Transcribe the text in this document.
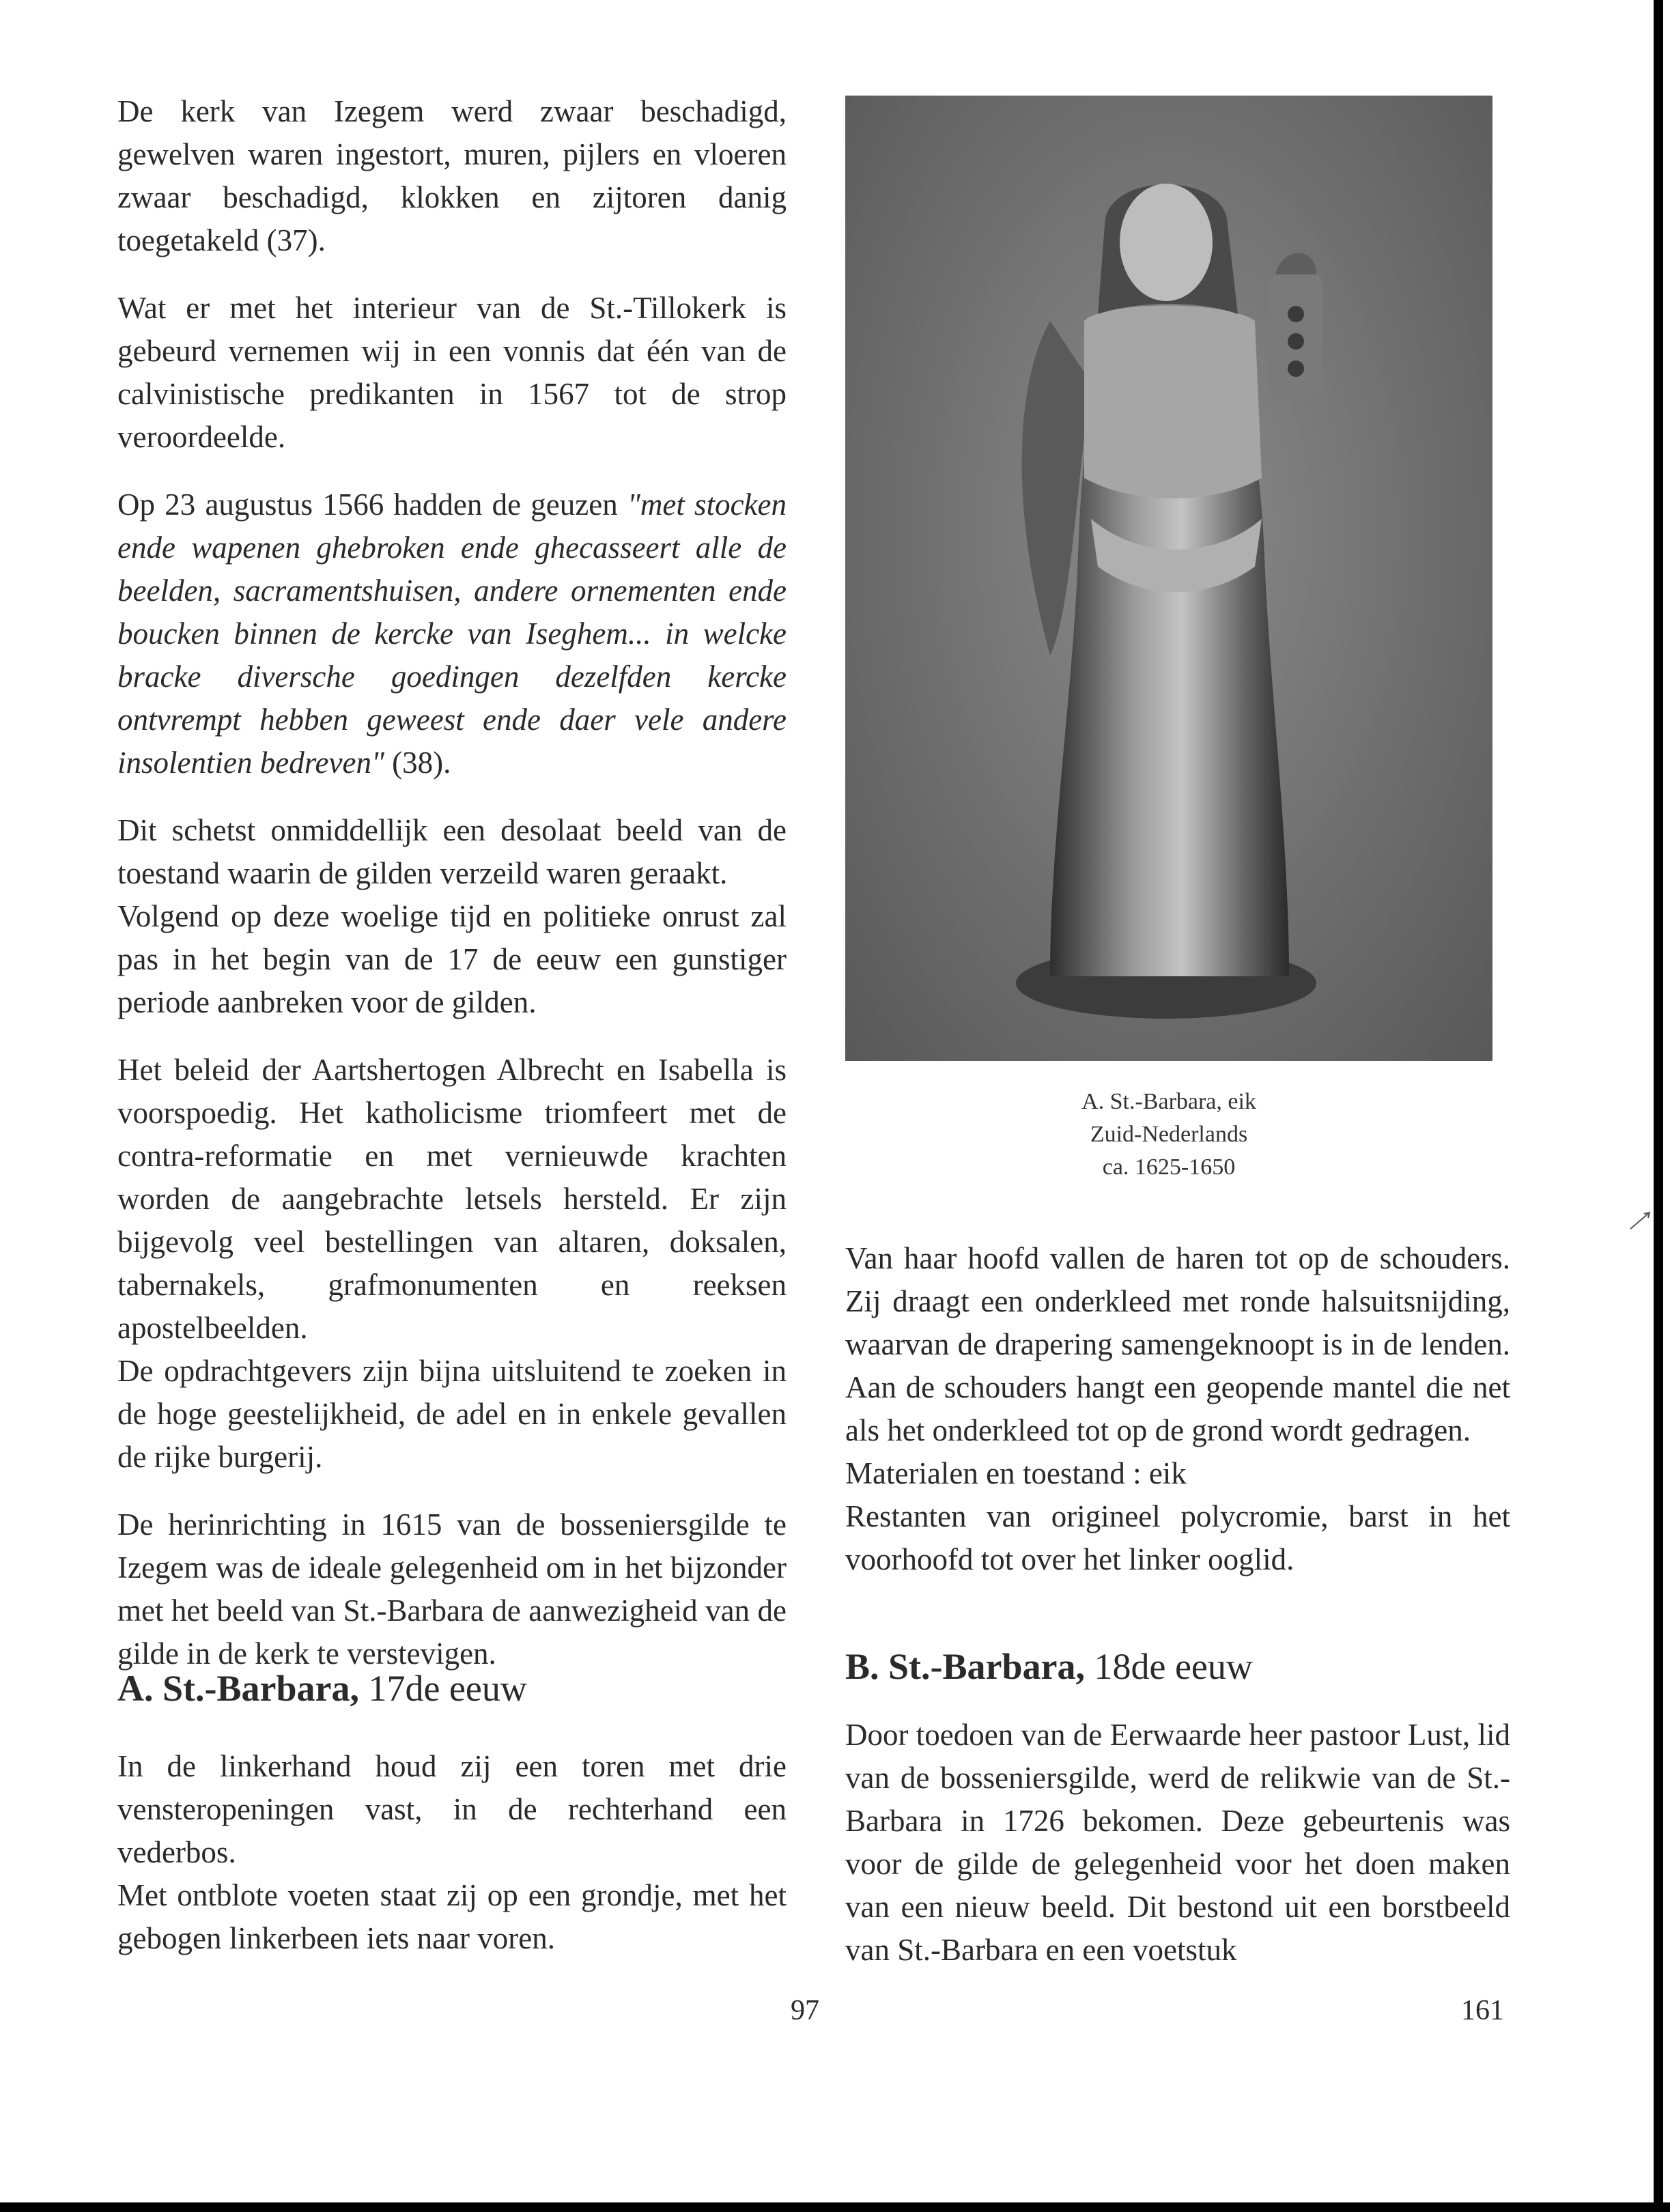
De kerk van Izegem werd zwaar beschadigd, gewelven waren ingestort, muren, pijlers en vloeren zwaar beschadigd, klokken en zijtoren danig toegetakeld (37).

Wat er met het interieur van de St.-Tillokerk is gebeurd vernemen wij in een vonnis dat één van de calvinistische predikanten in 1567 tot de strop veroordeelde.

Op 23 augustus 1566 hadden de geuzen "met stocken ende wapenen ghebroken ende ghecasseert alle de beelden, sacramentshuisen, andere ornementen ende boucken binnen de kercke van Iseghem... in welcke bracke diversche goedingen dezelfden kercke ontvrempt hebben geweest ende daer vele andere insolentien bedreven" (38).

Dit schetst onmiddellijk een desolaat beeld van de toestand waarin de gilden verzeild waren geraakt.

Volgend op deze woelige tijd en politieke onrust zal pas in het begin van de 17 de eeuw een gunstiger periode aanbreken voor de gilden.

Het beleid der Aartshertogen Albrecht en Isabella is voorspoedig. Het katholicisme triomfeert met de contra-reformatie en met vernieuwde krachten worden de aangebrachte letsels hersteld. Er zijn bijgevolg veel bestellingen van altaren, doksalen, tabernakels, grafmonumenten en reeksen apostelbeelden.

De opdrachtgevers zijn bijna uitsluitend te zoeken in de hoge geestelijkheid, de adel en in enkele gevallen de rijke burgerij.

De herinrichting in 1615 van de bosseniersgilde te Izegem was de ideale gelegenheid om in het bijzonder met het beeld van St.-Barbara de aanwezigheid van de gilde in de kerk te verstevigen.

A. St.-Barbara, 17de eeuw

In de linkerhand houd zij een toren met drie vensteropeningen vast, in de rechterhand een vederbos.

Met ontblote voeten staat zij op een grondje, met het gebogen linkerbeen iets naar voren.

A. St.-Barbara, eik
Zuid-Nederlands
ca. 1625-1650

Van haar hoofd vallen de haren tot op de schouders. Zij draagt een onderkleed met ronde halsuitsnijding, waarvan de drapering samengeknoopt is in de lenden. Aan de schouders hangt een geopende mantel die net als het onderkleed tot op de grond wordt gedragen.

Materialen en toestand : eik

Restanten van origineel polycromie, barst in het voorhoofd tot over het linker ooglid.

B. St.-Barbara, 18de eeuw

Door toedoen van de Eerwaarde heer pastoor Lust, lid van de bosseniersgilde, werd de relikwie van de St.-Barbara in 1726 bekomen. Deze gebeurtenis was voor de gilde de gelegenheid voor het doen maken van een nieuw beeld. Dit bestond uit een borstbeeld van St.-Barbara en een voetstuk

97	161
